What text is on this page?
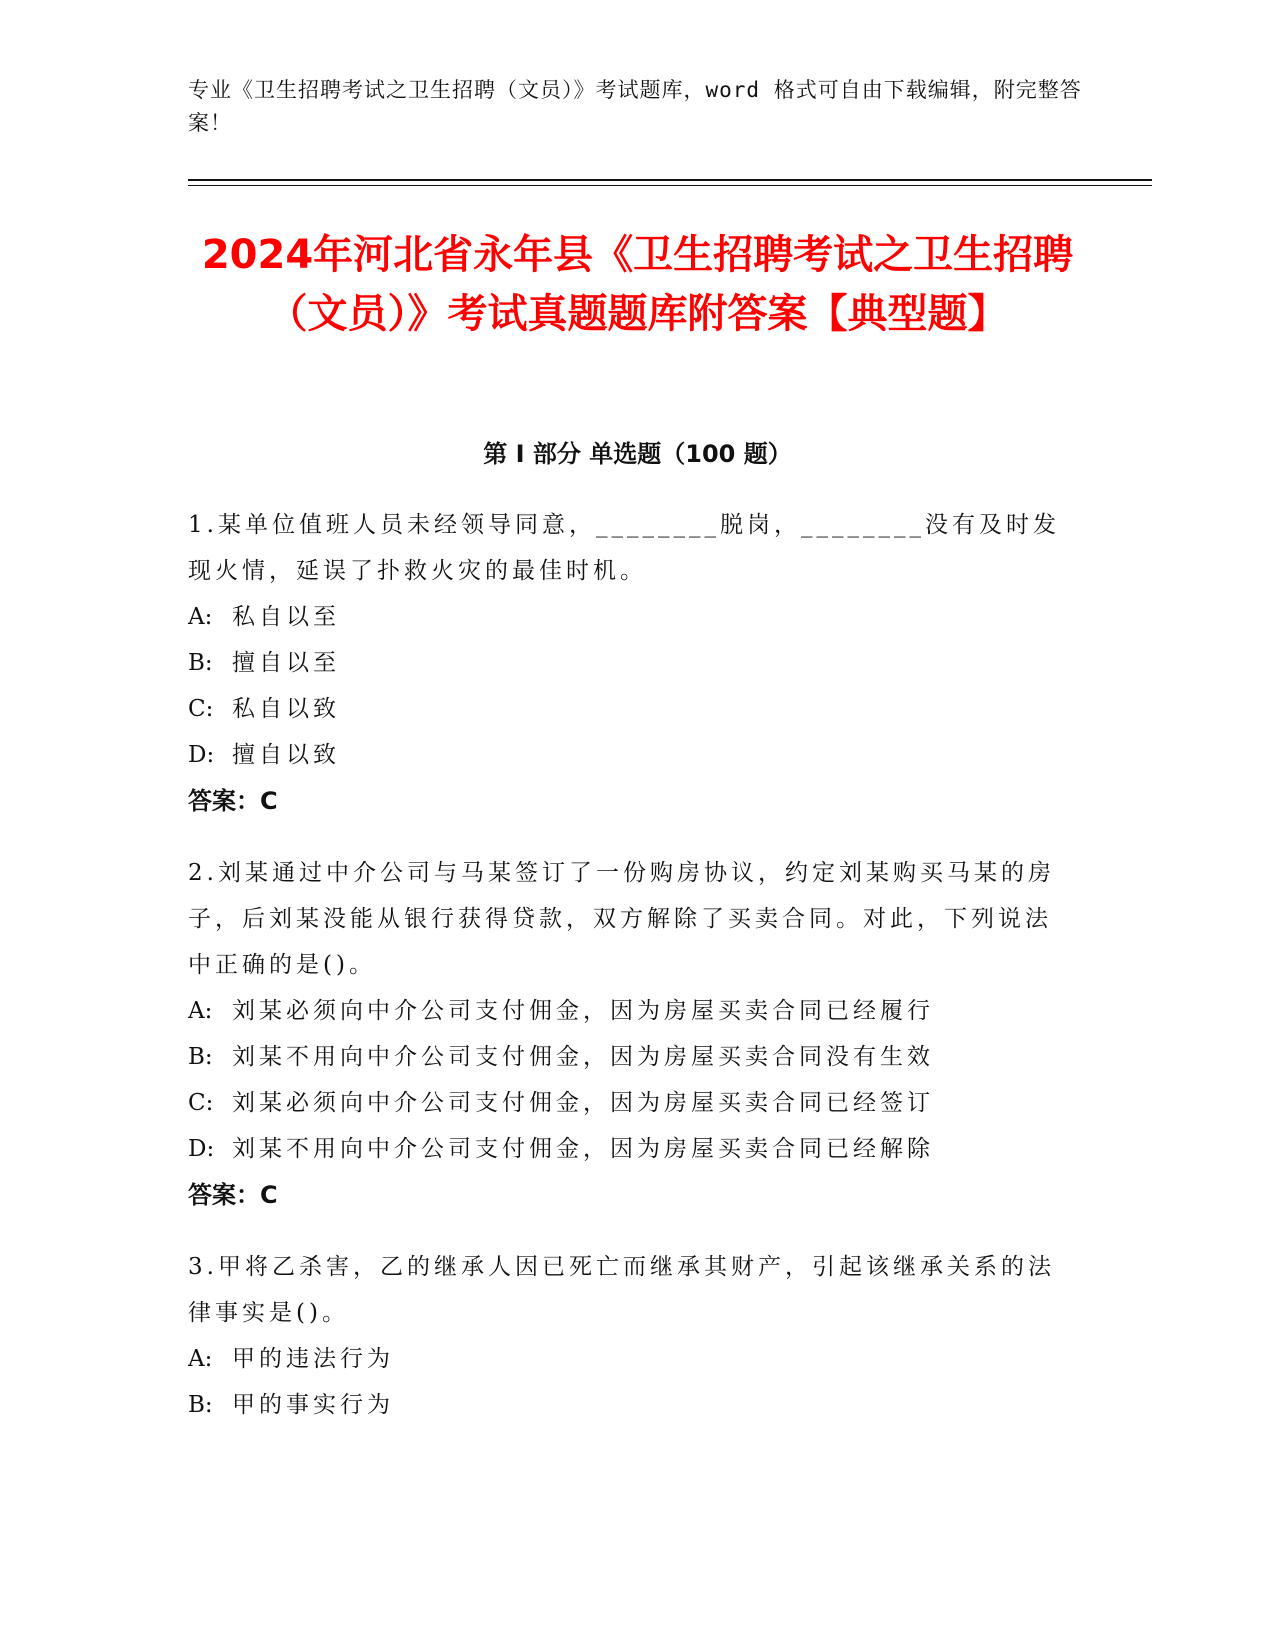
专业《卫生招聘考试之卫生招聘（文员）》考试题库，word 格式可自由下载编辑，附完整答案！
2024年河北省永年县《卫生招聘考试之卫生招聘（文员）》考试真题题库附答案【典型题】
第 I 部分 单选题（100 题）

1.某单位值班人员未经领导同意，________脱岗，________没有及时发现火情，延误了扑救火灾的最佳时机。

A: 私自以至

B: 擅自以至

C: 私自以致

D: 擅自以致

答案：C

2.刘某通过中介公司与马某签订了一份购房协议，约定刘某购买马某的房子，后刘某没能从银行获得贷款，双方解除了买卖合同。对此，下列说法中正确的是()。

A: 刘某必须向中介公司支付佣金，因为房屋买卖合同已经履行

B: 刘某不用向中介公司支付佣金，因为房屋买卖合同没有生效

C: 刘某必须向中介公司支付佣金，因为房屋买卖合同已经签订

D: 刘某不用向中介公司支付佣金，因为房屋买卖合同已经解除

答案：C

3.甲将乙杀害，乙的继承人因已死亡而继承其财产，引起该继承关系的法律事实是()。

A: 甲的违法行为

B: 甲的事实行为
